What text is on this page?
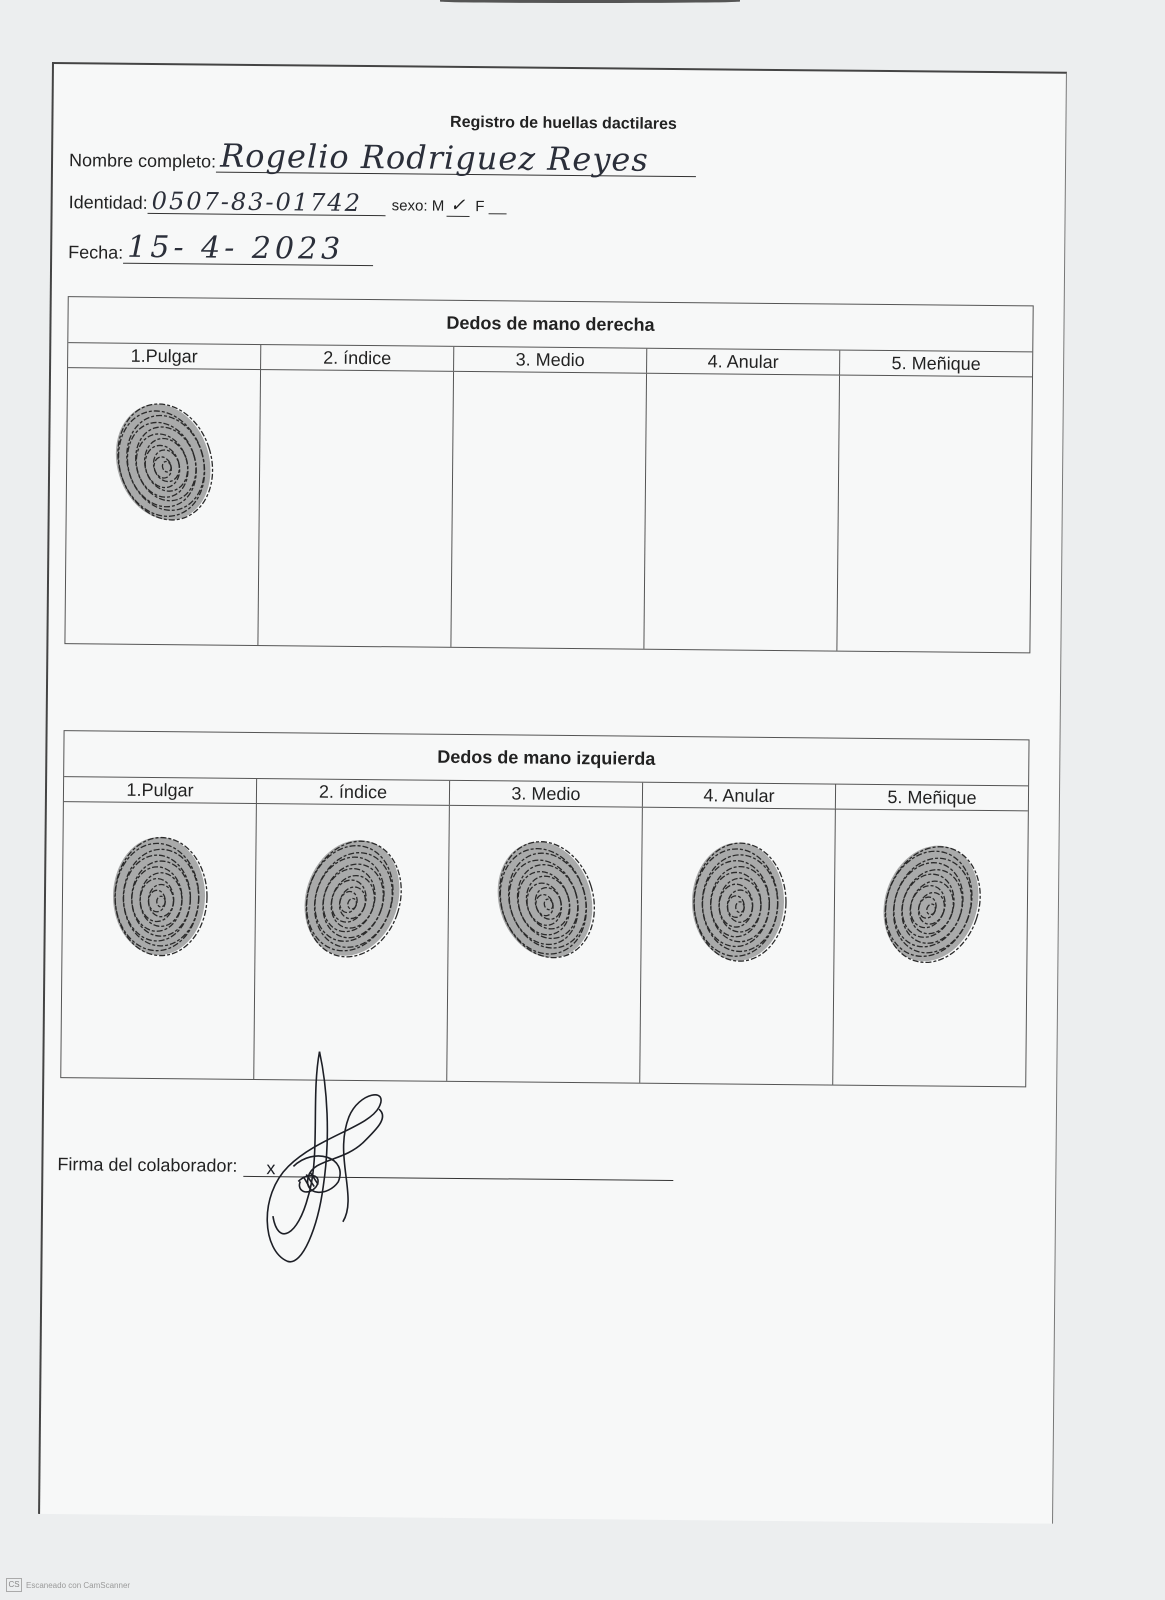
Registro de huellas dactilares
Nombre completo: Rogelio Rodriguez Reyes
Identidad: 0507-83-01742	sexo: M ✓ F
Fecha: 15- 4- 2023
Dedos de mano derecha
1.Pulgar	2. índice	3. Medio	4. Anular	5. Meñique
Dedos de mano izquierda
1.Pulgar	2. índice	3. Medio	4. Anular	5. Meñique
Firma del colaborador: x
CS Escaneado con CamScanner
